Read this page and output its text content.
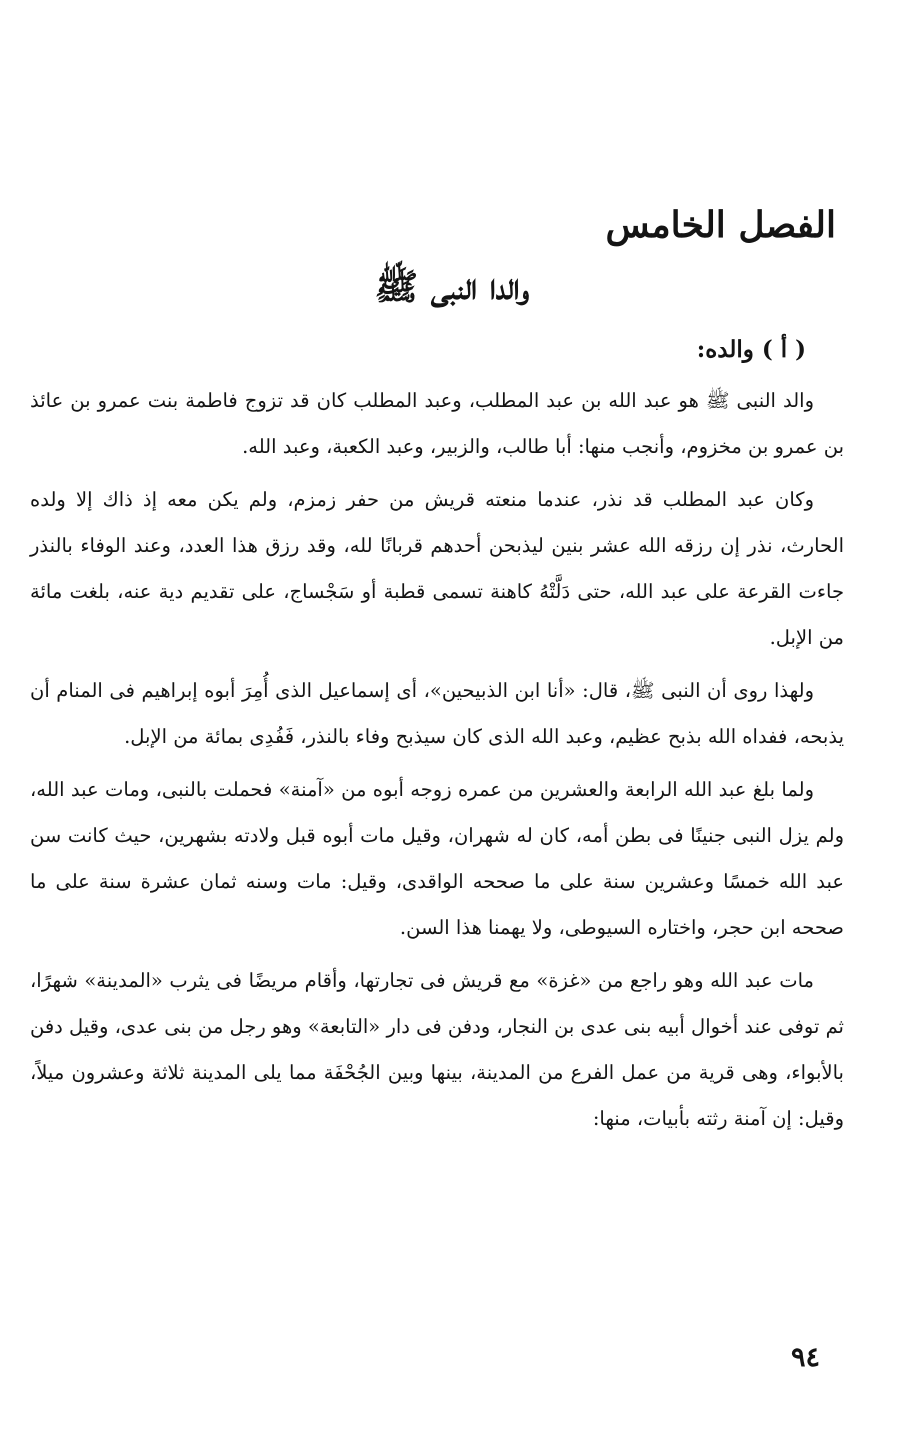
الفصل الخامس
والدا النبى ﷺ
( أ ) والده:

والد النبى ﷺ هو عبد الله بن عبد المطلب، وعبد المطلب كان قد تزوج فاطمة بنت عمرو بن عائذ بن عمرو بن مخزوم، وأنجب منها: أبا طالب، والزبير، وعبد الكعبة، وعبد الله.

وكان عبد المطلب قد نذر، عندما منعته قريش من حفر زمزم، ولم يكن معه إذ ذاك إلا ولده الحارث، نذر إن رزقه الله عشر بنين ليذبحن أحدهم قربانًا لله، وقد رزق هذا العدد، وعند الوفاء بالنذر جاءت القرعة على عبد الله، حتى دَلَّتْهُ كاهنة تسمى قطبة أو سَجْساج، على تقديم دية عنه، بلغت مائة من الإبل.

ولهذا روى أن النبى ﷺ، قال: «أنا ابن الذبيحين»، أى إسماعيل الذى أُمِرَ أبوه إبراهيم فى المنام أن يذبحه، ففداه الله بذبح عظيم، وعبد الله الذى كان سيذبح وفاء بالنذر، فَفُدِى بمائة من الإبل.

ولما بلغ عبد الله الرابعة والعشرين من عمره زوجه أبوه من «آمنة» فحملت بالنبى، ومات عبد الله، ولم يزل النبى جنينًا فى بطن أمه، كان له شهران، وقيل مات أبوه قبل ولادته بشهرين، حيث كانت سن عبد الله خمسًا وعشرين سنة على ما صححه الواقدى، وقيل: مات وسنه ثمان عشرة سنة على ما صححه ابن حجر، واختاره السيوطى، ولا يهمنا هذا السن.

مات عبد الله وهو راجع من «غزة» مع قريش فى تجارتها، وأقام مريضًا فى يثرب «المدينة» شهرًا، ثم توفى عند أخوال أبيه بنى عدى بن النجار، ودفن فى دار «التابعة» وهو رجل من بنى عدى، وقيل دفن بالأبواء، وهى قرية من عمل الفرع من المدينة، بينها وبين الجُحْفَة مما يلى المدينة ثلاثة وعشرون ميلاً، وقيل: إن آمنة رثته بأبيات، منها:

٩٤
